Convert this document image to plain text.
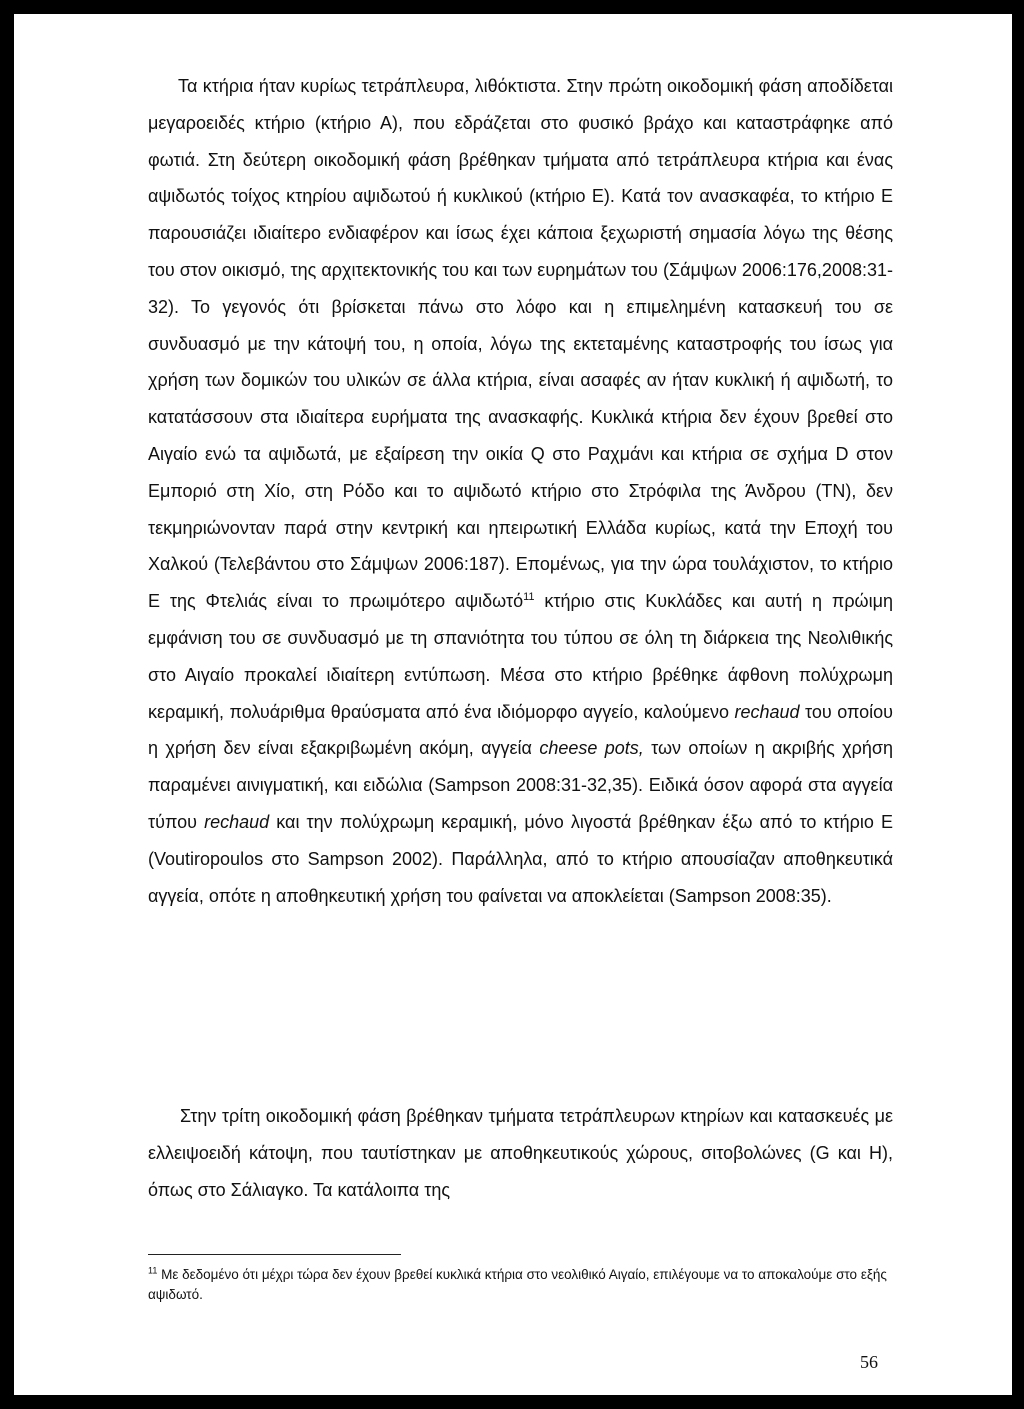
Τα κτήρια ήταν κυρίως τετράπλευρα, λιθόκτιστα. Στην πρώτη οικοδομική φάση αποδίδεται μεγαροειδές κτήριο (κτήριο Α), που εδράζεται στο φυσικό βράχο και καταστράφηκε από φωτιά. Στη δεύτερη οικοδομική φάση βρέθηκαν τμήματα από τετράπλευρα κτήρια και ένας αψιδωτός τοίχος κτηρίου αψιδωτού ή κυκλικού (κτήριο Ε). Κατά τον ανασκαφέα, το κτήριο Ε παρουσιάζει ιδιαίτερο ενδιαφέρον και ίσως έχει κάποια ξεχωριστή σημασία λόγω της θέσης του στον οικισμό, της αρχιτεκτονικής του και των ευρημάτων του (Σάμψων 2006:176,2008:31-32). Το γεγονός ότι βρίσκεται πάνω στο λόφο και η επιμελημένη κατασκευή του σε συνδυασμό με την κάτοψή του, η οποία, λόγω της εκτεταμένης καταστροφής του ίσως για χρήση των δομικών του υλικών σε άλλα κτήρια, είναι ασαφές αν ήταν κυκλική ή αψιδωτή, το κατατάσσουν στα ιδιαίτερα ευρήματα της ανασκαφής. Κυκλικά κτήρια δεν έχουν βρεθεί στο Αιγαίο ενώ τα αψιδωτά, με εξαίρεση την οικία Q στο Ραχμάνι και κτήρια σε σχήμα D στον Εμποριό στη Χίο, στη Ρόδο και το αψιδωτό κτήριο στο Στρόφιλα της Άνδρου (ΤΝ), δεν τεκμηριώνονταν παρά στην κεντρική και ηπειρωτική Ελλάδα κυρίως, κατά την Εποχή του Χαλκού (Τελεβάντου στο Σάμψων 2006:187). Επομένως, για την ώρα τουλάχιστον, το κτήριο Ε της Φτελιάς είναι το πρωιμότερο αψιδωτό$^{11}$ κτήριο στις Κυκλάδες και αυτή η πρώιμη εμφάνιση του σε συνδυασμό με τη σπανιότητα του τύπου σε όλη τη διάρκεια της Νεολιθικής στο Αιγαίο προκαλεί ιδιαίτερη εντύπωση. Μέσα στο κτήριο βρέθηκε άφθονη πολύχρωμη κεραμική, πολυάριθμα θραύσματα από ένα ιδιόμορφο αγγείο, καλούμενο rechaud του οποίου η χρήση δεν είναι εξακριβωμένη ακόμη, αγγεία cheese pots, των οποίων η ακριβής χρήση παραμένει αινιγματική, και ειδώλια (Sampson 2008:31-32,35). Ειδικά όσον αφορά στα αγγεία τύπου rechaud και την πολύχρωμη κεραμική, μόνο λιγοστά βρέθηκαν έξω από το κτήριο Ε (Voutiropoulos στο Sampson 2002). Παράλληλα, από το κτήριο απουσίαζαν αποθηκευτικά αγγεία, οπότε η αποθηκευτική χρήση του φαίνεται να αποκλείεται (Sampson 2008:35).

Στην τρίτη οικοδομική φάση βρέθηκαν τμήματα τετράπλευρων κτηρίων και κατασκευές με ελλειψοειδή κάτοψη, που ταυτίστηκαν με αποθηκευτικούς χώρους, σιτοβολώνες (G και Η), όπως στο Σάλιαγκο. Τα κατάλοιπα της

$^{11}$ Με δεδομένο ότι μέχρι τώρα δεν έχουν βρεθεί κυκλικά κτήρια στο νεολιθικό Αιγαίο, επιλέγουμε να το αποκαλούμε στο εξής αψιδωτό.
56
